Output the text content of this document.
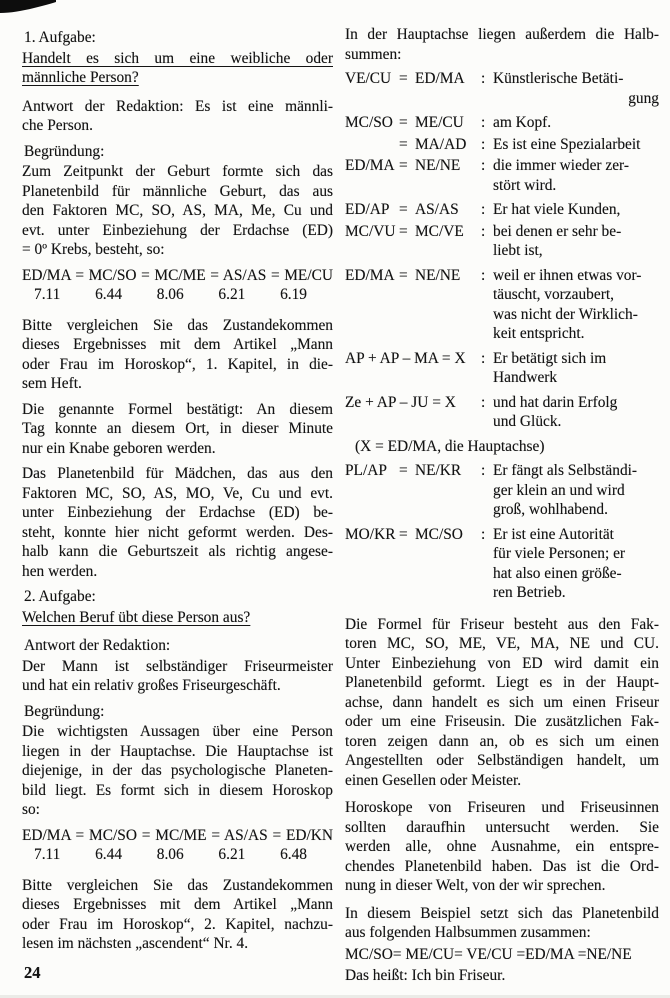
1. Aufgabe:
Handelt es sich um eine weibliche oder
männliche Person?
Antwort der Redaktion: Es ist eine männli-
che Person.
Begründung:
Zum Zeitpunkt der Geburt formte sich das
Planetenbild für männliche Geburt, das aus
den Faktoren MC, SO, AS, MA, Me, Cu und
evt. unter Einbeziehung der Erdachse (ED)
= 0º Krebs, besteht, so:
ED/MA = MC/SO = MC/ME = AS/AS = ME/CU
7.11 6.44 8.06 6.21 6.19
Bitte vergleichen Sie das Zustandekommen
dieses Ergebnisses mit dem Artikel „Mann
oder Frau im Horoskop“, 1. Kapitel, in die-
sem Heft.
Die genannte Formel bestätigt: An diesem
Tag konnte an diesem Ort, in dieser Minute
nur ein Knabe geboren werden.
Das Planetenbild für Mädchen, das aus den
Faktoren MC, SO, AS, MO, Ve, Cu und evt.
unter Einbeziehung der Erdachse (ED) be-
steht, konnte hier nicht geformt werden. Des-
halb kann die Geburtszeit als richtig angese-
hen werden.
2. Aufgabe:
Welchen Beruf übt diese Person aus?
Antwort der Redaktion:
Der Mann ist selbständiger Friseurmeister
und hat ein relativ großes Friseurgeschäft.
Begründung:
Die wichtigsten Aussagen über eine Person
liegen in der Hauptachse. Die Hauptachse ist
diejenige, in der das psychologische Planeten-
bild liegt. Es formt sich in diesem Horoskop
so:
ED/MA = MC/SO = MC/ME = AS/AS = ED/KN
7.11 6.44 8.06 6.21 6.48
Bitte vergleichen Sie das Zustandekommen
dieses Ergebnisses mit dem Artikel „Mann
oder Frau im Horoskop“, 2. Kapitel, nachzu-
lesen im nächsten „ascendent“ Nr. 4.
24
In der Hauptachse liegen außerdem die Halb-
summen:
VE/CU = ED/MA	: Künstlerische Betäti-
gung
MC/SO = ME/CU	: am Kopf.
= MA/AD : Es ist eine Spezialarbeit
ED/MA = NE/NE	: die immer wieder zer-
stört wird.
ED/AP = AS/AS	: Er hat viele Kunden,
MC/VU = MC/VE	: bei denen er sehr be-
liebt ist,
ED/MA = NE/NE	: weil er ihnen etwas vor-
täuscht, vorzaubert,
was nicht der Wirklich-
keit entspricht.
AP + AP – MA = X	: Er betätigt sich im
Handwerk
Ze + AP – JU = X	: und hat darin Erfolg
und Glück.
(X = ED/MA, die Hauptachse)
PL/AP = NE/KR	: Er fängt als Selbständi-
ger klein an und wird
groß, wohlhabend.
MO/KR = MC/SO	: Er ist eine Autorität
für viele Personen; er
hat also einen größe-
ren Betrieb.
Die Formel für Friseur besteht aus den Fak-
toren MC, SO, ME, VE, MA, NE und CU.
Unter Einbeziehung von ED wird damit ein
Planetenbild geformt. Liegt es in der Haupt-
achse, dann handelt es sich um einen Friseur
oder um eine Friseusin. Die zusätzlichen Fak-
toren zeigen dann an, ob es sich um einen
Angestellten oder Selbständigen handelt, um
einen Gesellen oder Meister.
Horoskope von Friseuren und Friseusinnen
sollten daraufhin untersucht werden. Sie
werden alle, ohne Ausnahme, ein entspre-
chendes Planetenbild haben. Das ist die Ord-
nung in dieser Welt, von der wir sprechen.
In diesem Beispiel setzt sich das Planetenbild
aus folgenden Halbsummen zusammen:
MC/SO= ME/CU= VE/CU =ED/MA =NE/NE
Das heißt: Ich bin Friseur.
